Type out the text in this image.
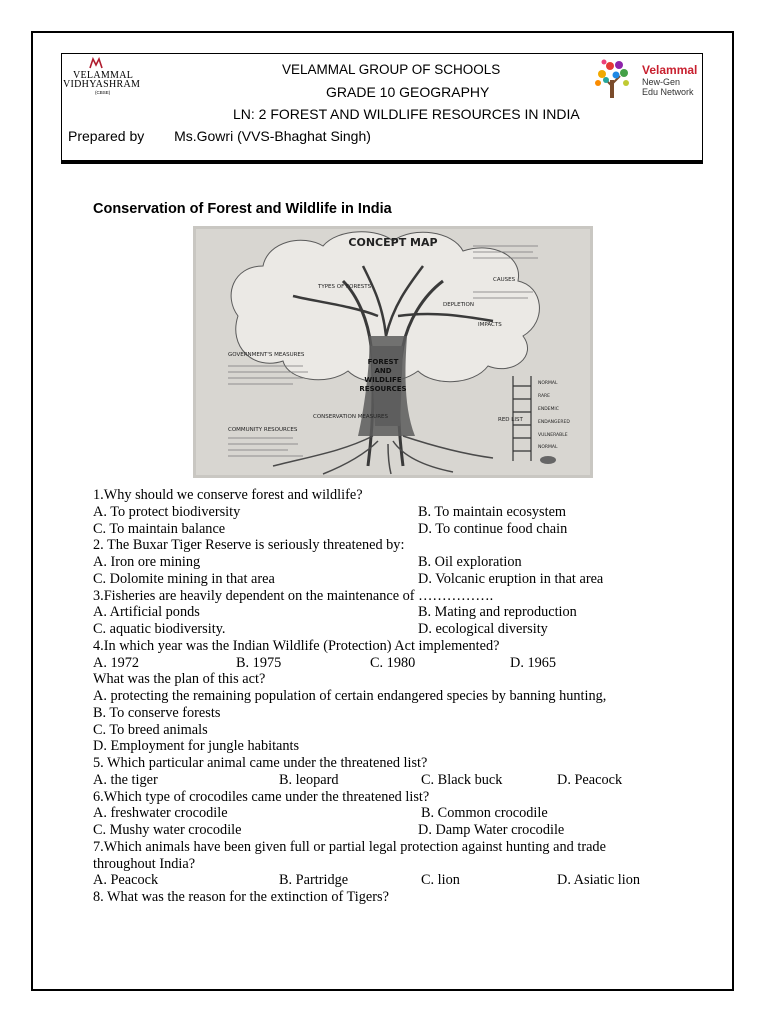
VELAMMAL
VIDHYASHRAM
(CBSE)
Velammal
New-Gen
Edu Network
VELAMMAL GROUP OF SCHOOLS
GRADE 10 GEOGRAPHY
LN: 2 FOREST AND WILDLIFE RESOURCES IN INDIA
Prepared by Ms.Gowri (VVS-Bhaghat Singh)
Conservation of Forest and Wildlife in India
FOREST
AND
WILDLIFE
RESOURCES
CONCEPT MAP
TYPES OF FORESTS
DEPLETION
IMPACTS
CAUSES
CONSERVATION MEASURES	RED LIST
GOVERNMENT'S MEASURES
COMMUNITY RESOURCES
NORMAL
RARE
ENDEMIC
ENDANGERED
VULNERABLE
NORMAL
1.Why should we conserve forest and wildlife?
A. To protect biodiversity	B. To maintain ecosystem
C. To maintain balance	D. To continue food chain
2. The Buxar Tiger Reserve is seriously threatened by:
A. Iron ore mining	B. Oil exploration
C. Dolomite mining in that area	D. Volcanic eruption in that area
3.Fisheries are heavily dependent on the maintenance of …………….
A. Artificial ponds	B. Mating and reproduction
C. aquatic biodiversity.	D. ecological diversity
4.In which year was the Indian Wildlife (Protection) Act implemented?
A. 1972	B. 1975	C. 1980	D. 1965
What was the plan of this act?
A. protecting the remaining population of certain endangered species by banning hunting,
B. To conserve forests
C. To breed animals
D. Employment for jungle habitants
5. Which particular animal came under the threatened list?
A. the tiger	B. leopard	C. Black buck	D. Peacock
6.Which type of crocodiles came under the threatened list?
A. freshwater crocodile	B. Common crocodile
C. Mushy water crocodile	D. Damp Water crocodile
7.Which animals have been given full or partial legal protection against hunting and trade
throughout India?
A. Peacock	B. Partridge	C. lion	D. Asiatic lion
8. What was the reason for the extinction of Tigers?
